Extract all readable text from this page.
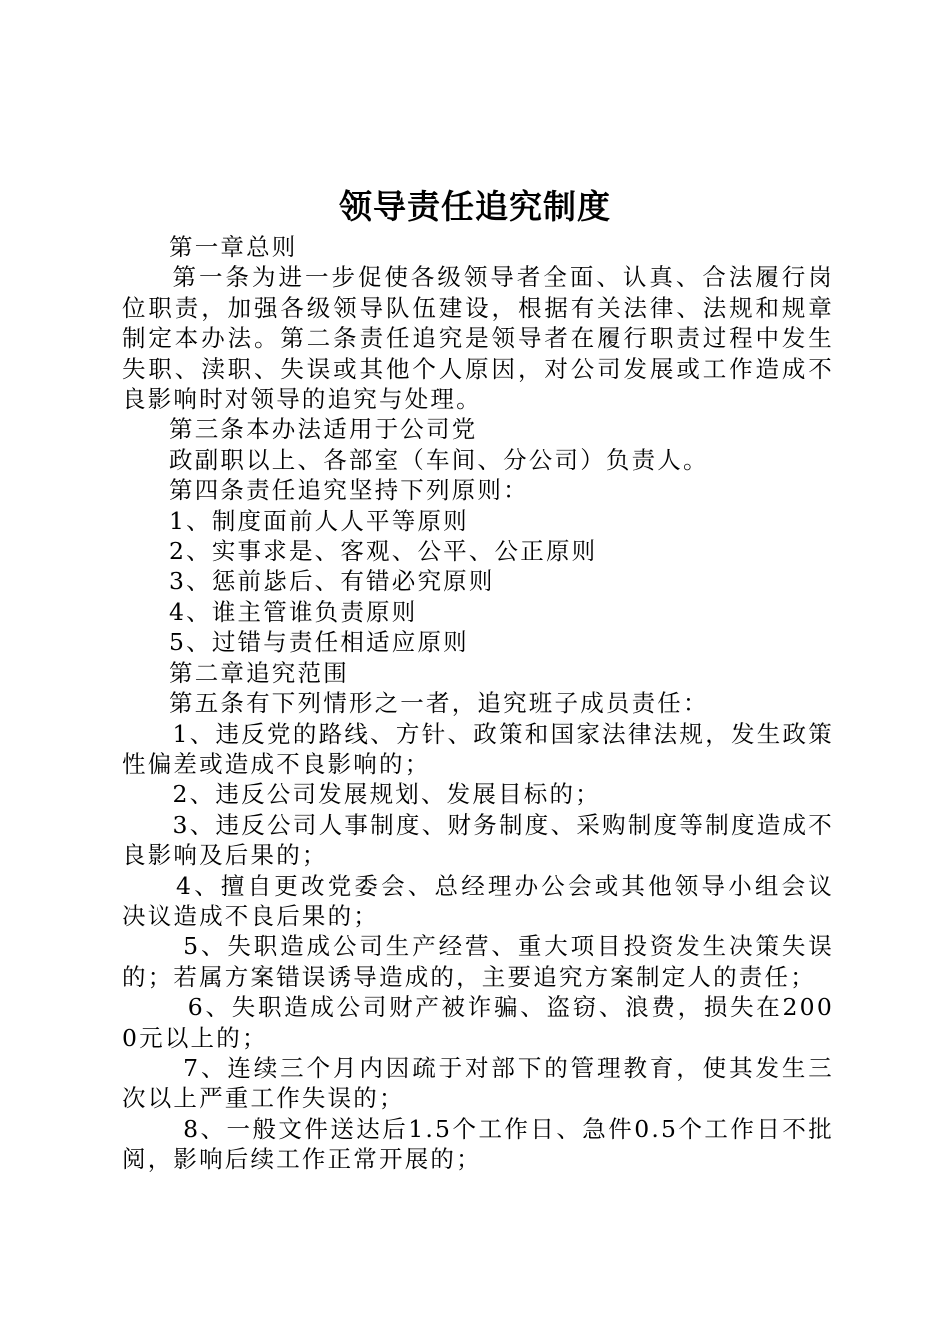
领导责任追究制度

第一章总则

第一条为进一步促使各级领导者全面、认真、合法履行岗位职责，加强各级领导队伍建设，根据有关法律、法规和规章制定本办法。第二条责任追究是领导者在履行职责过程中发生失职、渎职、失误或其他个人原因，对公司发展或工作造成不良影响时对领导的追究与处理。

第三条本办法适用于公司党

政副职以上、各部室（车间、分公司）负责人。

第四条责任追究坚持下列原则：

1、制度面前人人平等原则

2、实事求是、客观、公平、公正原则

3、惩前毖后、有错必究原则

4、谁主管谁负责原则

5、过错与责任相适应原则

第二章追究范围

第五条有下列情形之一者，追究班子成员责任：

1、违反党的路线、方针、政策和国家法律法规，发生政策性偏差或造成不良影响的；

2、违反公司发展规划、发展目标的；

3、违反公司人事制度、财务制度、采购制度等制度造成不良影响及后果的；

4、擅自更改党委会、总经理办公会或其他领导小组会议决议造成不良后果的；

5、失职造成公司生产经营、重大项目投资发生决策失误的；若属方案错误诱导造成的，主要追究方案制定人的责任；

6、失职造成公司财产被诈骗、盗窃、浪费，损失在2000元以上的；

7、连续三个月内因疏于对部下的管理教育，使其发生三次以上严重工作失误的；

8、一般文件送达后1.5个工作日、急件0.5个工作日不批阅，影响后续工作正常开展的；
